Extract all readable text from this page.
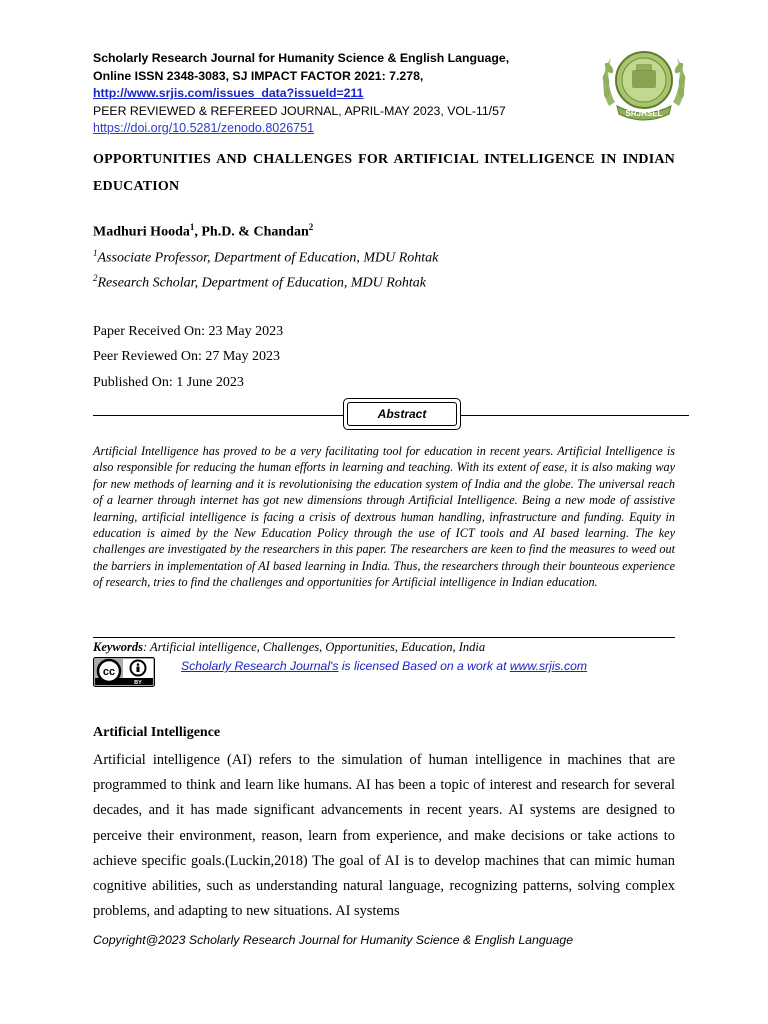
Scholarly Research Journal for Humanity Science & English Language,
Online ISSN 2348-3083, SJ IMPACT FACTOR 2021: 7.278,
http://www.srjis.com/issues_data?issueId=211
PEER REVIEWED & REFEREED JOURNAL, APRIL-MAY 2023, VOL-11/57
https://doi.org/10.5281/zenodo.8026751
SRJHSEL
OPPORTUNITIES AND CHALLENGES FOR ARTIFICIAL INTELLIGENCE IN INDIAN EDUCATION
Madhuri Hooda$^1$, Ph.D. & Chandan$^2$
$^1$Associate Professor, Department of Education, MDU Rohtak
$^2$Research Scholar, Department of Education, MDU Rohtak
Paper Received On: 23 May 2023
Peer Reviewed On: 27 May 2023
Published On: 1 June 2023
Abstract
Artificial Intelligence has proved to be a very facilitating tool for education in recent years. Artificial Intelligence is also responsible for reducing the human efforts in learning and teaching. With its extent of ease, it is also making way for new methods of learning and it is revolutionising the education system of India and the globe. The universal reach of a learner through internet has got new dimensions through Artificial Intelligence. Being a new mode of assistive learning, artificial intelligence is facing a crisis of dextrous human handling, infrastructure and funding. Equity in education is aimed by the New Education Policy through the use of ICT tools and AI based learning. The key challenges are investigated by the researchers in this paper. The researchers are keen to find the measures to weed out the barriers in implementation of AI based learning in India. Thus, the researchers through their bounteous experience of research, tries to find the challenges and opportunities for Artificial intelligence in Indian education.
Keywords: Artificial intelligence, Challenges, Opportunities, Education, India
cc
BY
Scholarly Research Journal's is licensed Based on a work at www.srjis.com
Artificial Intelligence
Artificial intelligence (AI) refers to the simulation of human intelligence in machines that are programmed to think and learn like humans. AI has been a topic of interest and research for several decades, and it has made significant advancements in recent years. AI systems are designed to perceive their environment, reason, learn from experience, and make decisions or take actions to achieve specific goals.(Luckin,2018) The goal of AI is to develop machines that can mimic human cognitive abilities, such as understanding natural language, recognizing patterns, solving complex problems, and adapting to new situations. AI systems
Copyright@2023 Scholarly Research Journal for Humanity Science & English Language
